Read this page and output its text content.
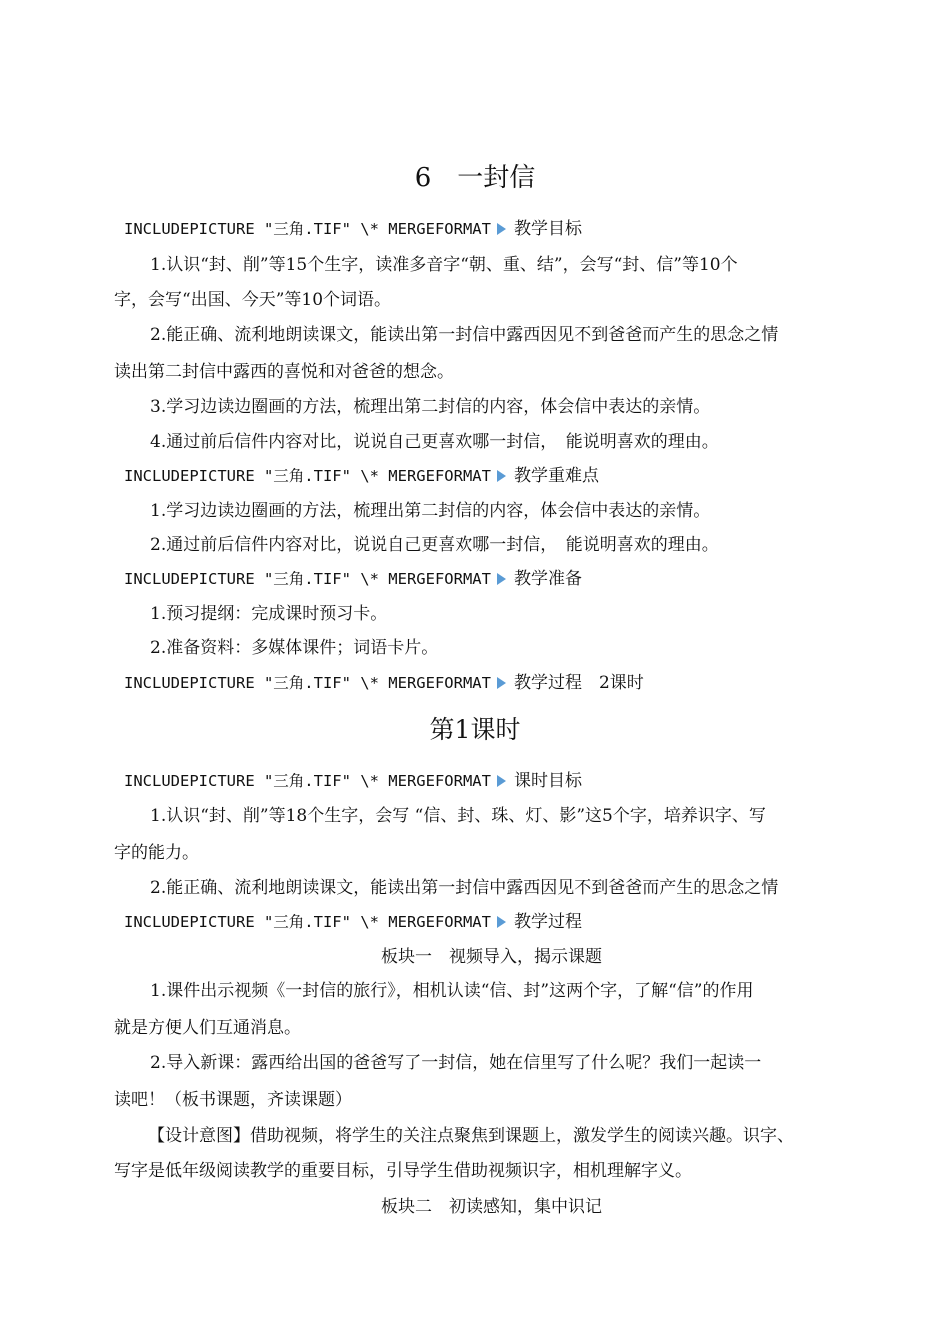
6　一封信
INCLUDEPICTURE "三角.TIF" \* MERGEFORMAT 教学目标
1.认识“封、削”等15个生字，读准多音字“朝、重、结”，会写“封、信”等10个
字，会写“出国、今天”等10个词语。
2.能正确、流利地朗读课文，能读出第一封信中露西因见不到爸爸而产生的思念之情
读出第二封信中露西的喜悦和对爸爸的想念。
3.学习边读边圈画的方法，梳理出第二封信的内容，体会信中表达的亲情。
4.通过前后信件内容对比，说说自己更喜欢哪一封信，　能说明喜欢的理由。
INCLUDEPICTURE "三角.TIF" \* MERGEFORMAT 教学重难点
1.学习边读边圈画的方法，梳理出第二封信的内容，体会信中表达的亲情。
2.通过前后信件内容对比，说说自己更喜欢哪一封信，　能说明喜欢的理由。
INCLUDEPICTURE "三角.TIF" \* MERGEFORMAT 教学准备
1.预习提纲：完成课时预习卡。
2.准备资料：多媒体课件；词语卡片。
INCLUDEPICTURE "三角.TIF" \* MERGEFORMAT 教学过程　2课时
第1课时
INCLUDEPICTURE "三角.TIF" \* MERGEFORMAT 课时目标
1.认识“封、削”等18个生字，会写 “信、封、珠、灯、影”这5个字，培养识字、写
字的能力。
2.能正确、流利地朗读课文，能读出第一封信中露西因见不到爸爸而产生的思念之情
INCLUDEPICTURE "三角.TIF" \* MERGEFORMAT 教学过程
板块一　视频导入，揭示课题
1.课件出示视频《一封信的旅行》，相机认读“信、封”这两个字，了解“信”的作用
就是方便人们互通消息。
2.导入新课：露西给出国的爸爸写了一封信，她在信里写了什么呢？我们一起读一
读吧！（板书课题，齐读课题）
【设计意图】借助视频，将学生的关注点聚焦到课题上，激发学生的阅读兴趣。识字、
写字是低年级阅读教学的重要目标，引导学生借助视频识字，相机理解字义。
板块二　初读感知，集中识记
